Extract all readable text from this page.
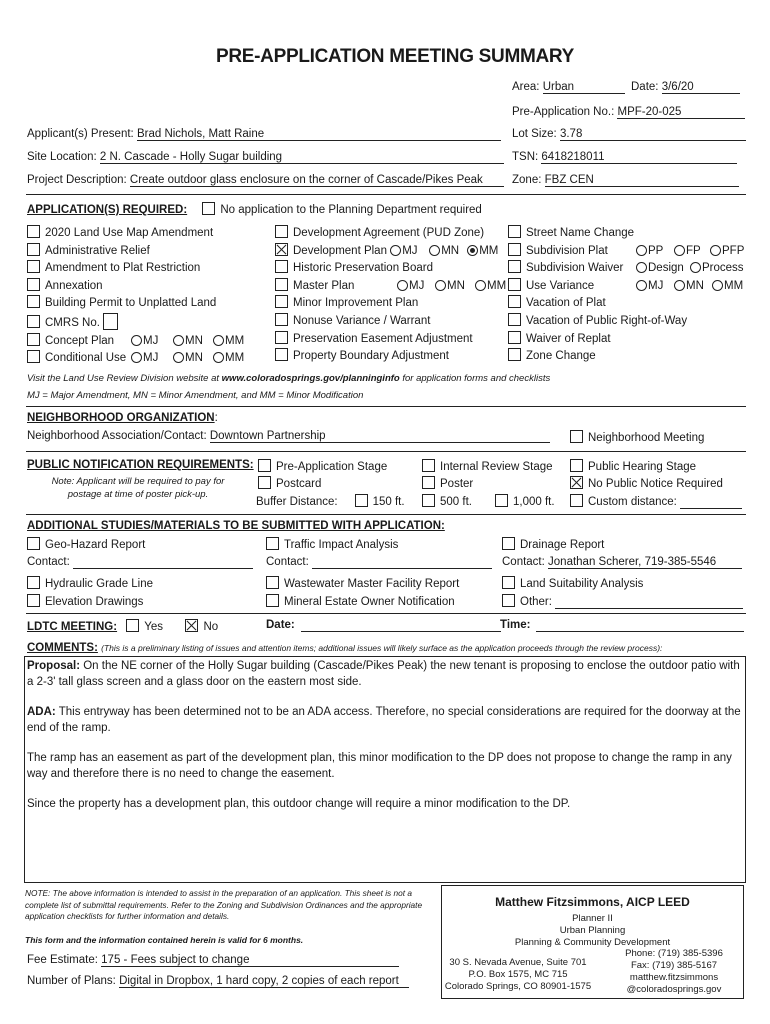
PRE-APPLICATION MEETING SUMMARY
Area: Urban	Date: 3/6/20
Pre-Application No.: MPF-20-025
Applicant(s) Present: Brad Nichols, Matt Raine	Lot Size: 3.78
Site Location: 2 N. Cascade - Holly Sugar building	TSN: 6418218011
Project Description: Create outdoor glass enclosure on the corner of Cascade/Pikes Peak	Zone: FBZ CEN
APPLICATION(S) REQUIRED:	No application to the Planning Department required
2020 Land Use Map Amendment
Administrative Relief
Amendment to Plat Restriction
Annexation
Building Permit to Unplatted Land
CMRS No.
Concept Plan	MJ MN MM
Conditional Use MJ MN MM
Development Agreement (PUD Zone)
Development Plan MJ MN MM
Historic Preservation Board
Master Plan	MJ MN MM
Minor Improvement Plan
Nonuse Variance / Warrant
Preservation Easement Adjustment
Property Boundary Adjustment
Street Name Change
Subdivision Plat	PP FP PFP
Subdivision Waiver Design Process
Use Variance	MJ MN MM
Vacation of Plat
Vacation of Public Right-of-Way
Waiver of Replat
Zone Change
Visit the Land Use Review Division website at www.coloradosprings.gov/planninginfo for application forms and checklists
MJ = Major Amendment, MN = Minor Amendment, and MM = Minor Modification
NEIGHBORHOOD ORGANIZATION:
Neighborhood Association/Contact: Downtown Partnership	Neighborhood Meeting
PUBLIC NOTIFICATION REQUIREMENTS:
Note: Applicant will be required to pay for
postage at time of poster pick-up.
Pre-Application Stage
Postcard
Buffer Distance:	150 ft.
Internal Review Stage
Poster
500 ft.	1,000 ft.
Public Hearing Stage
No Public Notice Required
Custom distance:
ADDITIONAL STUDIES/MATERIALS TO BE SUBMITTED WITH APPLICATION:
Geo-Hazard Report	Traffic Impact Analysis	Drainage Report
Contact:	Contact:	Contact: Jonathan Scherer, 719-385-5546
Hydraulic Grade Line	Wastewater Master Facility Report	Land Suitability Analysis
Elevation Drawings	Mineral Estate Owner Notification	Other:
LDTC MEETING: Yes	No	Date:	Time:
COMMENTS: (This is a preliminary listing of issues and attention items; additional issues will likely surface as the application proceeds through the review process):

Proposal: On the NE corner of the Holly Sugar building (Cascade/Pikes Peak) the new tenant is proposing to enclose the outdoor patio with a 2-3' tall glass screen and a glass door on the eastern most side.

ADA: This entryway has been determined not to be an ADA access. Therefore, no special considerations are required for the doorway at the end of the ramp.

The ramp has an easement as part of the development plan, this minor modification to the DP does not propose to change the ramp in any way and therefore there is no need to change the easement.

Since the property has a development plan, this outdoor change will require a minor modification to the DP.

NOTE: The above information is intended to assist in the preparation of an application. This sheet is not a complete list of submittal requirements. Refer to the Zoning and Subdivision Ordinances and the appropriate application checklists for further information and details.
This form and the information contained herein is valid for 6 months.
Fee Estimate: 175 - Fees subject to change
Number of Plans: Digital in Dropbox, 1 hard copy, 2 copies of each report
Matthew Fitzsimmons, AICP LEED
Planner II
Urban Planning
Planning & Community Development
30 S. Nevada Avenue, Suite 701
P.O. Box 1575, MC 715
Colorado Springs, CO 80901-1575
Phone: (719) 385-5396
Fax: (719) 385-5167
matthew.fitzsimmons
@coloradosprings.gov
